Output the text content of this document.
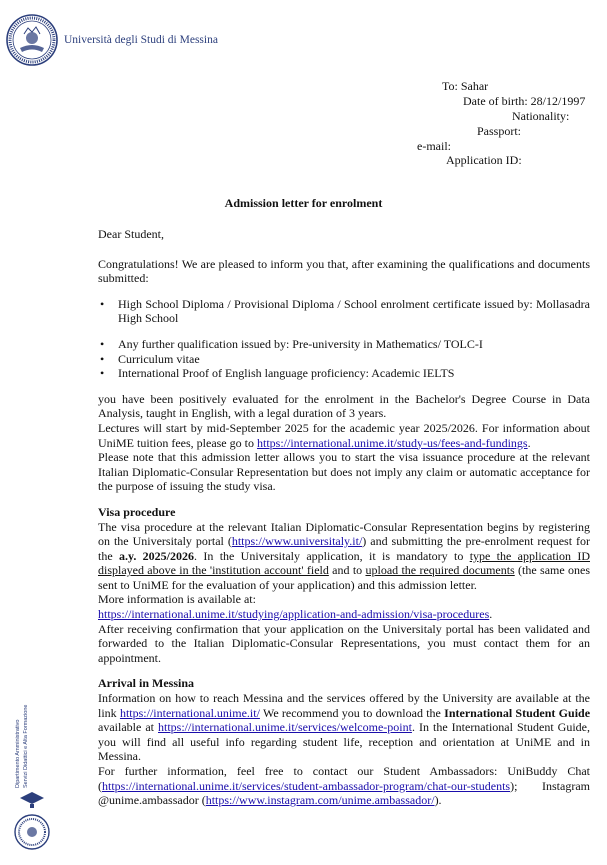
Università degli Studi di Messina
To: Sahar
Date of birth: 28/12/1997
Nationality:
Passport:
e-mail:
Application ID:
Admission letter for enrolment

Dear Student,

Congratulations! We are pleased to inform you that, after examining the qualifications and documents submitted:

• High School Diploma / Provisional Diploma / School enrolment certificate issued by: Mollasadra High School
• Any further qualification issued by: Pre-university in Mathematics/ TOLC-I
• Curriculum vitae
• International Proof of English language proficiency: Academic IELTS

you have been positively evaluated for the enrolment in the Bachelor's Degree Course in Data Analysis, taught in English, with a legal duration of 3 years.

Lectures will start by mid-September 2025 for the academic year 2025/2026. For information about UniME tuition fees, please go to https://international.unime.it/study-us/fees-and-fundings.

Please note that this admission letter allows you to start the visa issuance procedure at the relevant Italian Diplomatic-Consular Representation but does not imply any claim or automatic acceptance for the purpose of issuing the study visa.

Visa procedure

The visa procedure at the relevant Italian Diplomatic-Consular Representation begins by registering on the Universitaly portal (https://www.universitaly.it/) and submitting the pre-enrolment request for the a.y. 2025/2026. In the Universitaly application, it is mandatory to type the application ID displayed above in the 'institution account' field and to upload the required documents (the same ones sent to UniME for the evaluation of your application) and this admission letter.

More information is available at:

https://international.unime.it/studying/application-and-admission/visa-procedures.

After receiving confirmation that your application on the Universitaly portal has been validated and forwarded to the Italian Diplomatic-Consular Representations, you must contact them for an appointment.

Arrival in Messina

Information on how to reach Messina and the services offered by the University are available at the link https://international.unime.it/ We recommend you to download the International Student Guide available at https://international.unime.it/services/welcome-point. In the International Student Guide, you will find all useful info regarding student life, reception and orientation at UniME and in Messina.

For further information, feel free to contact our Student Ambassadors: UniBuddy Chat (https://international.unime.it/services/student-ambassador-program/chat-our-students); Instagram @unime.ambassador (https://www.instagram.com/unime.ambassador/).

Dipartimento Amministrativo Servizi Didattici e Alta Formazione
